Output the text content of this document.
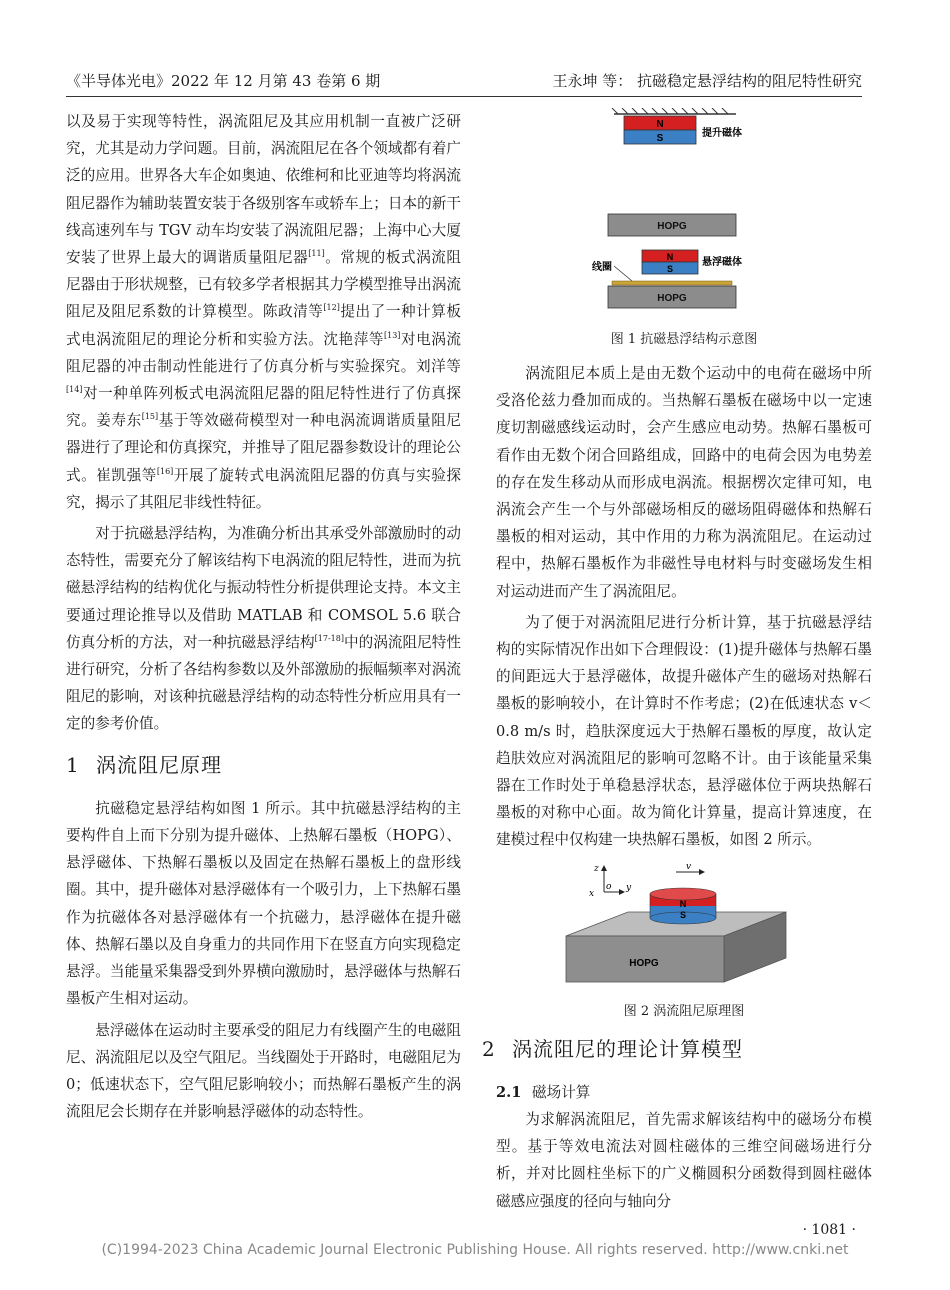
《半导体光电》2022 年 12 月第 43 卷第 6 期	王永坤 等： 抗磁稳定悬浮结构的阻尼特性研究

以及易于实现等特性，涡流阻尼及其应用机制一直被广泛研究，尤其是动力学问题。目前，涡流阻尼在各个领域都有着广泛的应用。世界各大车企如奥迪、依维柯和比亚迪等均将涡流阻尼器作为辅助装置安装于各级别客车或轿车上；日本的新干线高速列车与 TGV 动车均安装了涡流阻尼器；上海中心大厦安装了世界上最大的调谐质量阻尼器[11]。常规的板式涡流阻尼器由于形状规整，已有较多学者根据其力学模型推导出涡流阻尼及阻尼系数的计算模型。陈政清等[12]提出了一种计算板式电涡流阻尼的理论分析和实验方法。沈艳萍等[13]对电涡流阻尼器的冲击制动性能进行了仿真分析与实验探究。刘洋等[14]对一种单阵列板式电涡流阻尼器的阻尼特性进行了仿真探究。姜寿东[15]基于等效磁荷模型对一种电涡流调谐质量阻尼器进行了理论和仿真探究，并推导了阻尼器参数设计的理论公式。崔凯强等[16]开展了旋转式电涡流阻尼器的仿真与实验探究，揭示了其阻尼非线性特征。

对于抗磁悬浮结构，为准确分析出其承受外部激励时的动态特性，需要充分了解该结构下电涡流的阻尼特性，进而为抗磁悬浮结构的结构优化与振动特性分析提供理论支持。本文主要通过理论推导以及借助 MATLAB 和 COMSOL 5.6 联合仿真分析的方法，对一种抗磁悬浮结构[17-18]中的涡流阻尼特性进行研究，分析了各结构参数以及外部激励的振幅频率对涡流阻尼的影响，对该种抗磁悬浮结构的动态特性分析应用具有一定的参考价值。

1 涡流阻尼原理

抗磁稳定悬浮结构如图 1 所示。其中抗磁悬浮结构的主要构件自上而下分别为提升磁体、上热解石墨板（HOPG）、悬浮磁体、下热解石墨板以及固定在热解石墨板上的盘形线圈。其中，提升磁体对悬浮磁体有一个吸引力，上下热解石墨作为抗磁体各对悬浮磁体有一个抗磁力，悬浮磁体在提升磁体、热解石墨以及自身重力的共同作用下在竖直方向实现稳定悬浮。当能量采集器受到外界横向激励时，悬浮磁体与热解石墨板产生相对运动。

悬浮磁体在运动时主要承受的阻尼力有线圈产生的电磁阻尼、涡流阻尼以及空气阻尼。当线圈处于开路时，电磁阻尼为 0；低速状态下，空气阻尼影响较小；而热解石墨板产生的涡流阻尼会长期存在并影响悬浮磁体的动态特性。

N
S	提升磁体
HOPG
N
S
悬浮磁体
线圈
HOPG

图 1 抗磁悬浮结构示意图

涡流阻尼本质上是由无数个运动中的电荷在磁场中所受洛伦兹力叠加而成的。当热解石墨板在磁场中以一定速度切割磁感线运动时，会产生感应电动势。热解石墨板可看作由无数个闭合回路组成，回路中的电荷会因为电势差的存在发生移动从而形成电涡流。根据楞次定律可知，电涡流会产生一个与外部磁场相反的磁场阻碍磁体和热解石墨板的相对运动，其中作用的力称为涡流阻尼。在运动过程中，热解石墨板作为非磁性导电材料与时变磁场发生相对运动进而产生了涡流阻尼。

为了便于对涡流阻尼进行分析计算，基于抗磁悬浮结构的实际情况作出如下合理假设：(1)提升磁体与热解石墨的间距远大于悬浮磁体，故提升磁体产生的磁场对热解石墨板的影响较小，在计算时不作考虑；(2)在低速状态 v＜0.8 m/s 时，趋肤深度远大于热解石墨板的厚度，故认定趋肤效应对涡流阻尼的影响可忽略不计。由于该能量采集器在工作时处于单稳悬浮状态，悬浮磁体位于两块热解石墨板的对称中心面。故为简化计算量，提高计算速度，在建模过程中仅构建一块热解石墨板，如图 2 所示。

z
x
o y
v
HOPG
N
S

图 2 涡流阻尼原理图

2 涡流阻尼的理论计算模型
2.1 磁场计算

为求解涡流阻尼，首先需求解该结构中的磁场分布模型。基于等效电流法对圆柱磁体的三维空间磁场进行分析，并对比圆柱坐标下的广义椭圆积分函数得到圆柱磁体磁感应强度的径向与轴向分

· 1081 ·
(C)1994-2023 China Academic Journal Electronic Publishing House. All rights reserved. http://www.cnki.net
